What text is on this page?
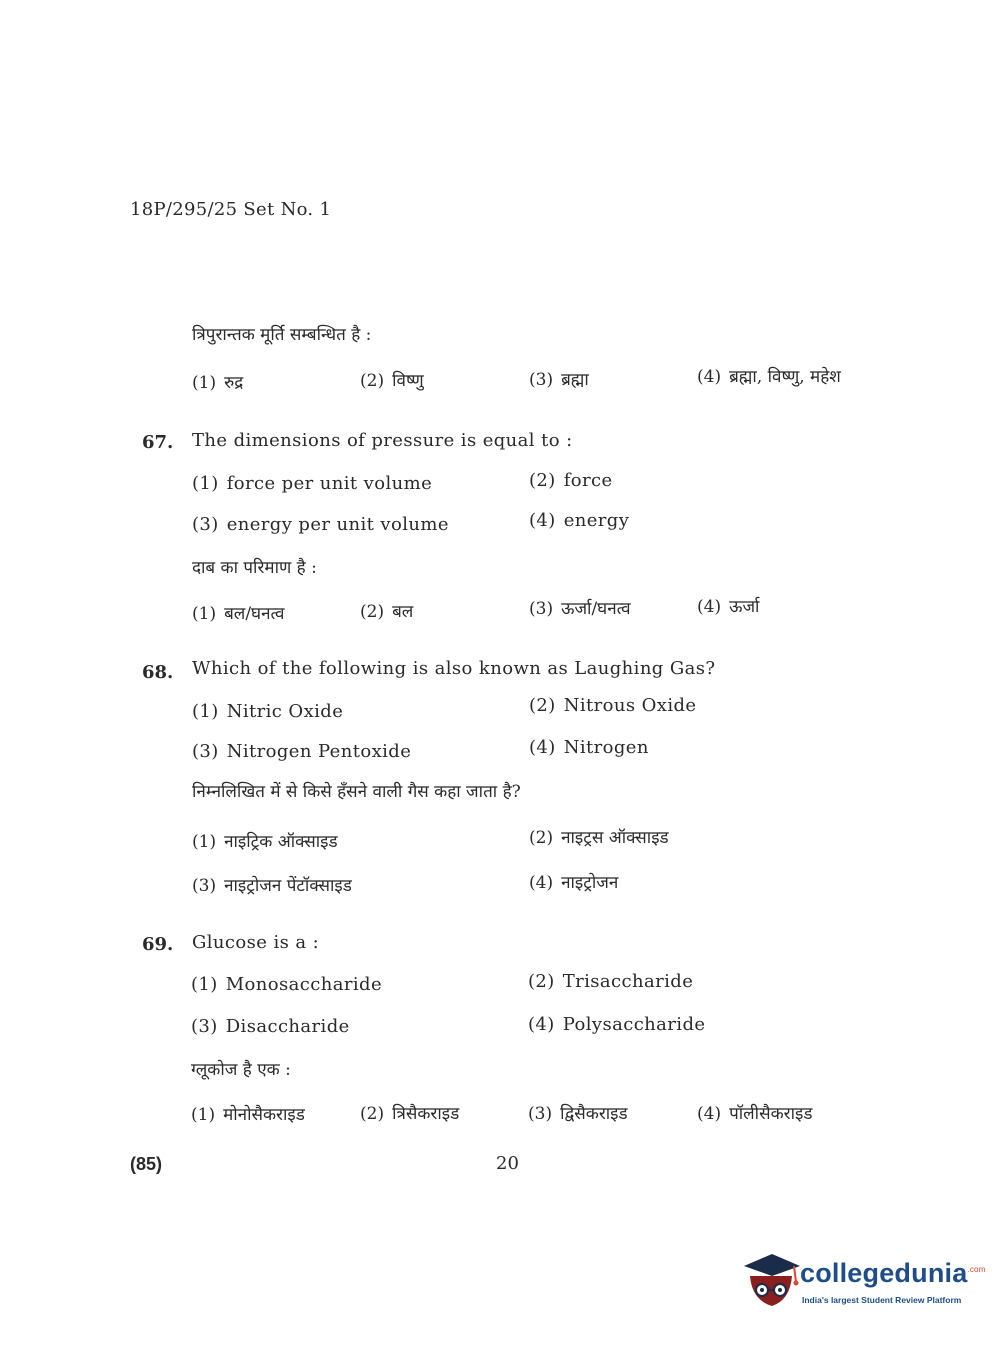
18P/295/25 Set No. 1
त्रिपुरान्तक मूर्ति सम्बन्धित है :
(1) रुद्र	(2) विष्णु	(3) ब्रह्मा	(4) ब्रह्मा, विष्णु, महेश
67. The dimensions of pressure is equal to :
(1) force per unit volume	(2) force
(3) energy per unit volume	(4) energy
दाब का परिमाण है :
(1) बल/घनत्व	(2) बल	(3) ऊर्जा/घनत्व	(4) ऊर्जा
68. Which of the following is also known as Laughing Gas?
(1) Nitric Oxide	(2) Nitrous Oxide
(3) Nitrogen Pentoxide	(4) Nitrogen
निम्नलिखित में से किसे हँसने वाली गैस कहा जाता है?
(1) नाइट्रिक ऑक्साइड	(2) नाइट्रस ऑक्साइड
(3) नाइट्रोजन पेंटॉक्साइड	(4) नाइट्रोजन
69. Glucose is a :
(1) Monosaccharide	(2) Trisaccharide
(3) Disaccharide	(4) Polysaccharide
ग्लूकोज है एक :
(1) मोनोसैकराइड	(2) त्रिसैकराइड	(3) द्विसैकराइड	(4) पॉलीसैकराइड
(85)	20
collegedunia$^{.com}$
India's largest Student Review Platform
